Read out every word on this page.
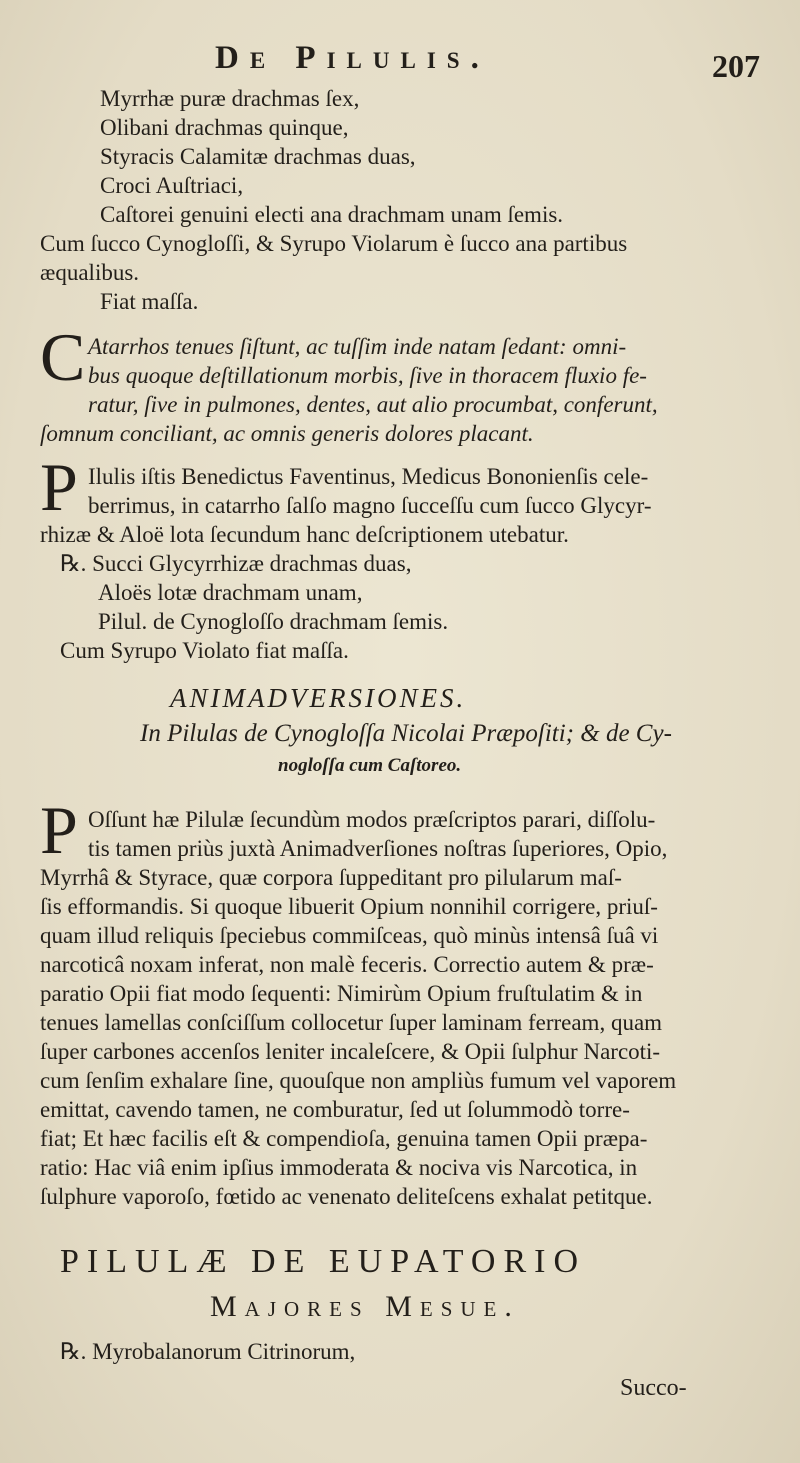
De Pilulis.	207
Myrrhæ puræ drachmas ſex,
Olibani drachmas quinque,
Styracis Calamitæ drachmas duas,
Croci Auſtriaci,
Caſtorei genuini electi ana drachmam unam ſemis.
Cum ſucco Cynogloſſi, & Syrupo Violarum è ſucco ana partibus
æqualibus.
Fiat maſſa.
C Atarrhos tenues ſiſtunt, ac tuſſim inde natam ſedant: omni-
bus quoque deſtillationum morbis, ſive in thoracem fluxio fe-
ratur, ſive in pulmones, dentes, aut alio procumbat, conferunt,
ſomnum conciliant, ac omnis generis dolores placant.
P Ilulis iſtis Benedictus Faventinus, Medicus Bononienſis cele-
berrimus, in catarrho ſalſo magno ſucceſſu cum ſucco Glycyr-
rhizæ & Aloë lota ſecundum hanc deſcriptionem utebatur.
℞. Succi Glycyrrhizæ drachmas duas,
Aloës lotæ drachmam unam,
Pilul. de Cynogloſſo drachmam ſemis.
Cum Syrupo Violato fiat maſſa.
ANIMADVERSIONES.
In Pilulas de Cynogloſſa Nicolai Præpoſiti; & de Cy-
nogloſſa cum Caſtoreo.
P Oſſunt hæ Pilulæ ſecundùm modos præſcriptos parari, diſſolu-
tis tamen priùs juxtà Animadverſiones noſtras ſuperiores, Opio,
Myrrhâ & Styrace, quæ corpora ſuppeditant pro pilularum maſ-
ſis efformandis. Si quoque libuerit Opium nonnihil corrigere, priuſ-
quam illud reliquis ſpeciebus commiſceas, quò minùs intensâ ſuâ vi
narcoticâ noxam inferat, non malè feceris. Correctio autem & præ-
paratio Opii fiat modo ſequenti: Nimirùm Opium fruſtulatim & in
tenues lamellas conſciſſum collocetur ſuper laminam ferream, quam
ſuper carbones accenſos leniter incaleſcere, & Opii ſulphur Narcoti-
cum ſenſim exhalare ſine, quouſque non ampliùs fumum vel vaporem
emittat, cavendo tamen, ne comburatur, ſed ut ſolummodò torre-
fiat; Et hæc facilis eſt & compendioſa, genuina tamen Opii præpa-
ratio: Hac viâ enim ipſius immoderata & nociva vis Narcotica, in
ſulphure vaporoſo, fœtido ac venenato deliteſcens exhalat petitque.
PILULÆ DE EUPATORIO
Majores Mesue.
℞. Myrobalanorum Citrinorum,
Succo-
